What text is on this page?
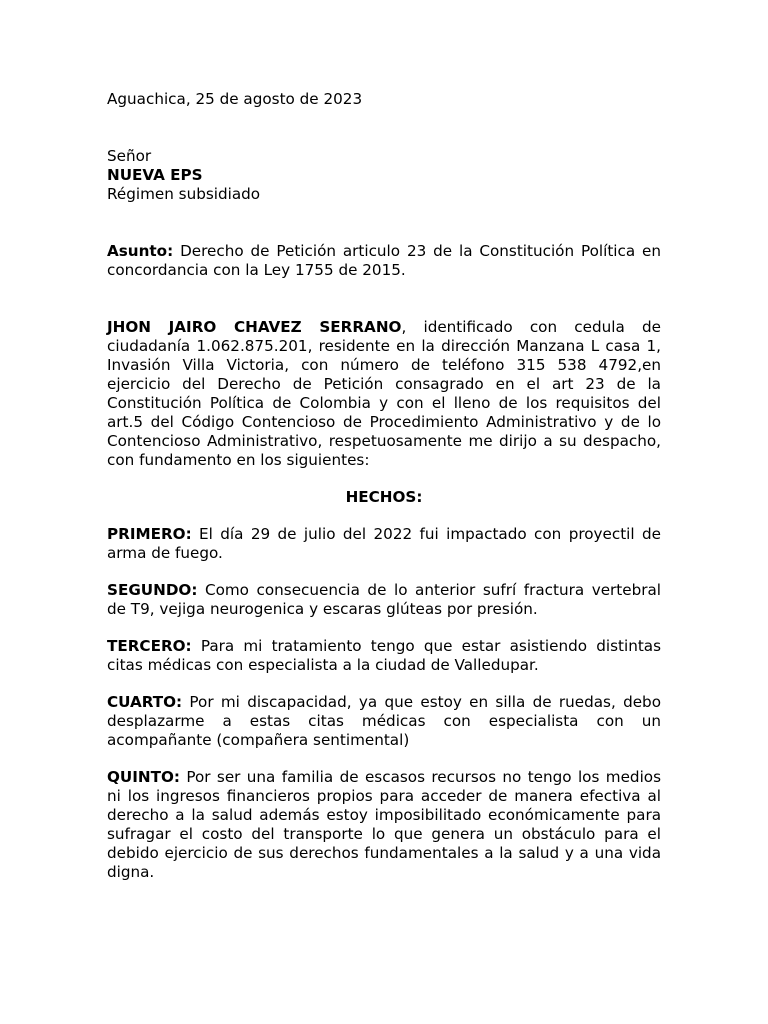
Aguachica, 25 de agosto de 2023

Señor

NUEVA EPS

Régimen subsidiado

Asunto: Derecho de Petición articulo 23 de la Constitución Política en concordancia con la Ley 1755 de 2015.

JHON JAIRO CHAVEZ SERRANO, identificado con cedula de ciudadanía 1.062.875.201, residente en la dirección Manzana L casa 1, Invasión Villa Victoria, con número de teléfono 315 538 4792,en ejercicio del Derecho de Petición consagrado en el art 23 de la Constitución Política de Colombia y con el lleno de los requisitos del art.5 del Código Contencioso de Procedimiento Administrativo y de lo Contencioso Administrativo, respetuosamente me dirijo a su despacho, con fundamento en los siguientes:

HECHOS:

PRIMERO: El día 29 de julio del 2022 fui impactado con proyectil de arma de fuego.

SEGUNDO: Como consecuencia de lo anterior sufrí fractura vertebral de T9, vejiga neurogenica y escaras glúteas por presión.

TERCERO: Para mi tratamiento tengo que estar asistiendo distintas citas médicas con especialista a la ciudad de Valledupar.

CUARTO: Por mi discapacidad, ya que estoy en silla de ruedas, debo desplazarme a estas citas médicas con especialista con un acompañante (compañera sentimental)

QUINTO: Por ser una familia de escasos recursos no tengo los medios ni los ingresos financieros propios para acceder de manera efectiva al derecho a la salud además estoy imposibilitado económicamente para sufragar el costo del transporte lo que genera un obstáculo para el debido ejercicio de sus derechos fundamentales a la salud y a una vida digna.
